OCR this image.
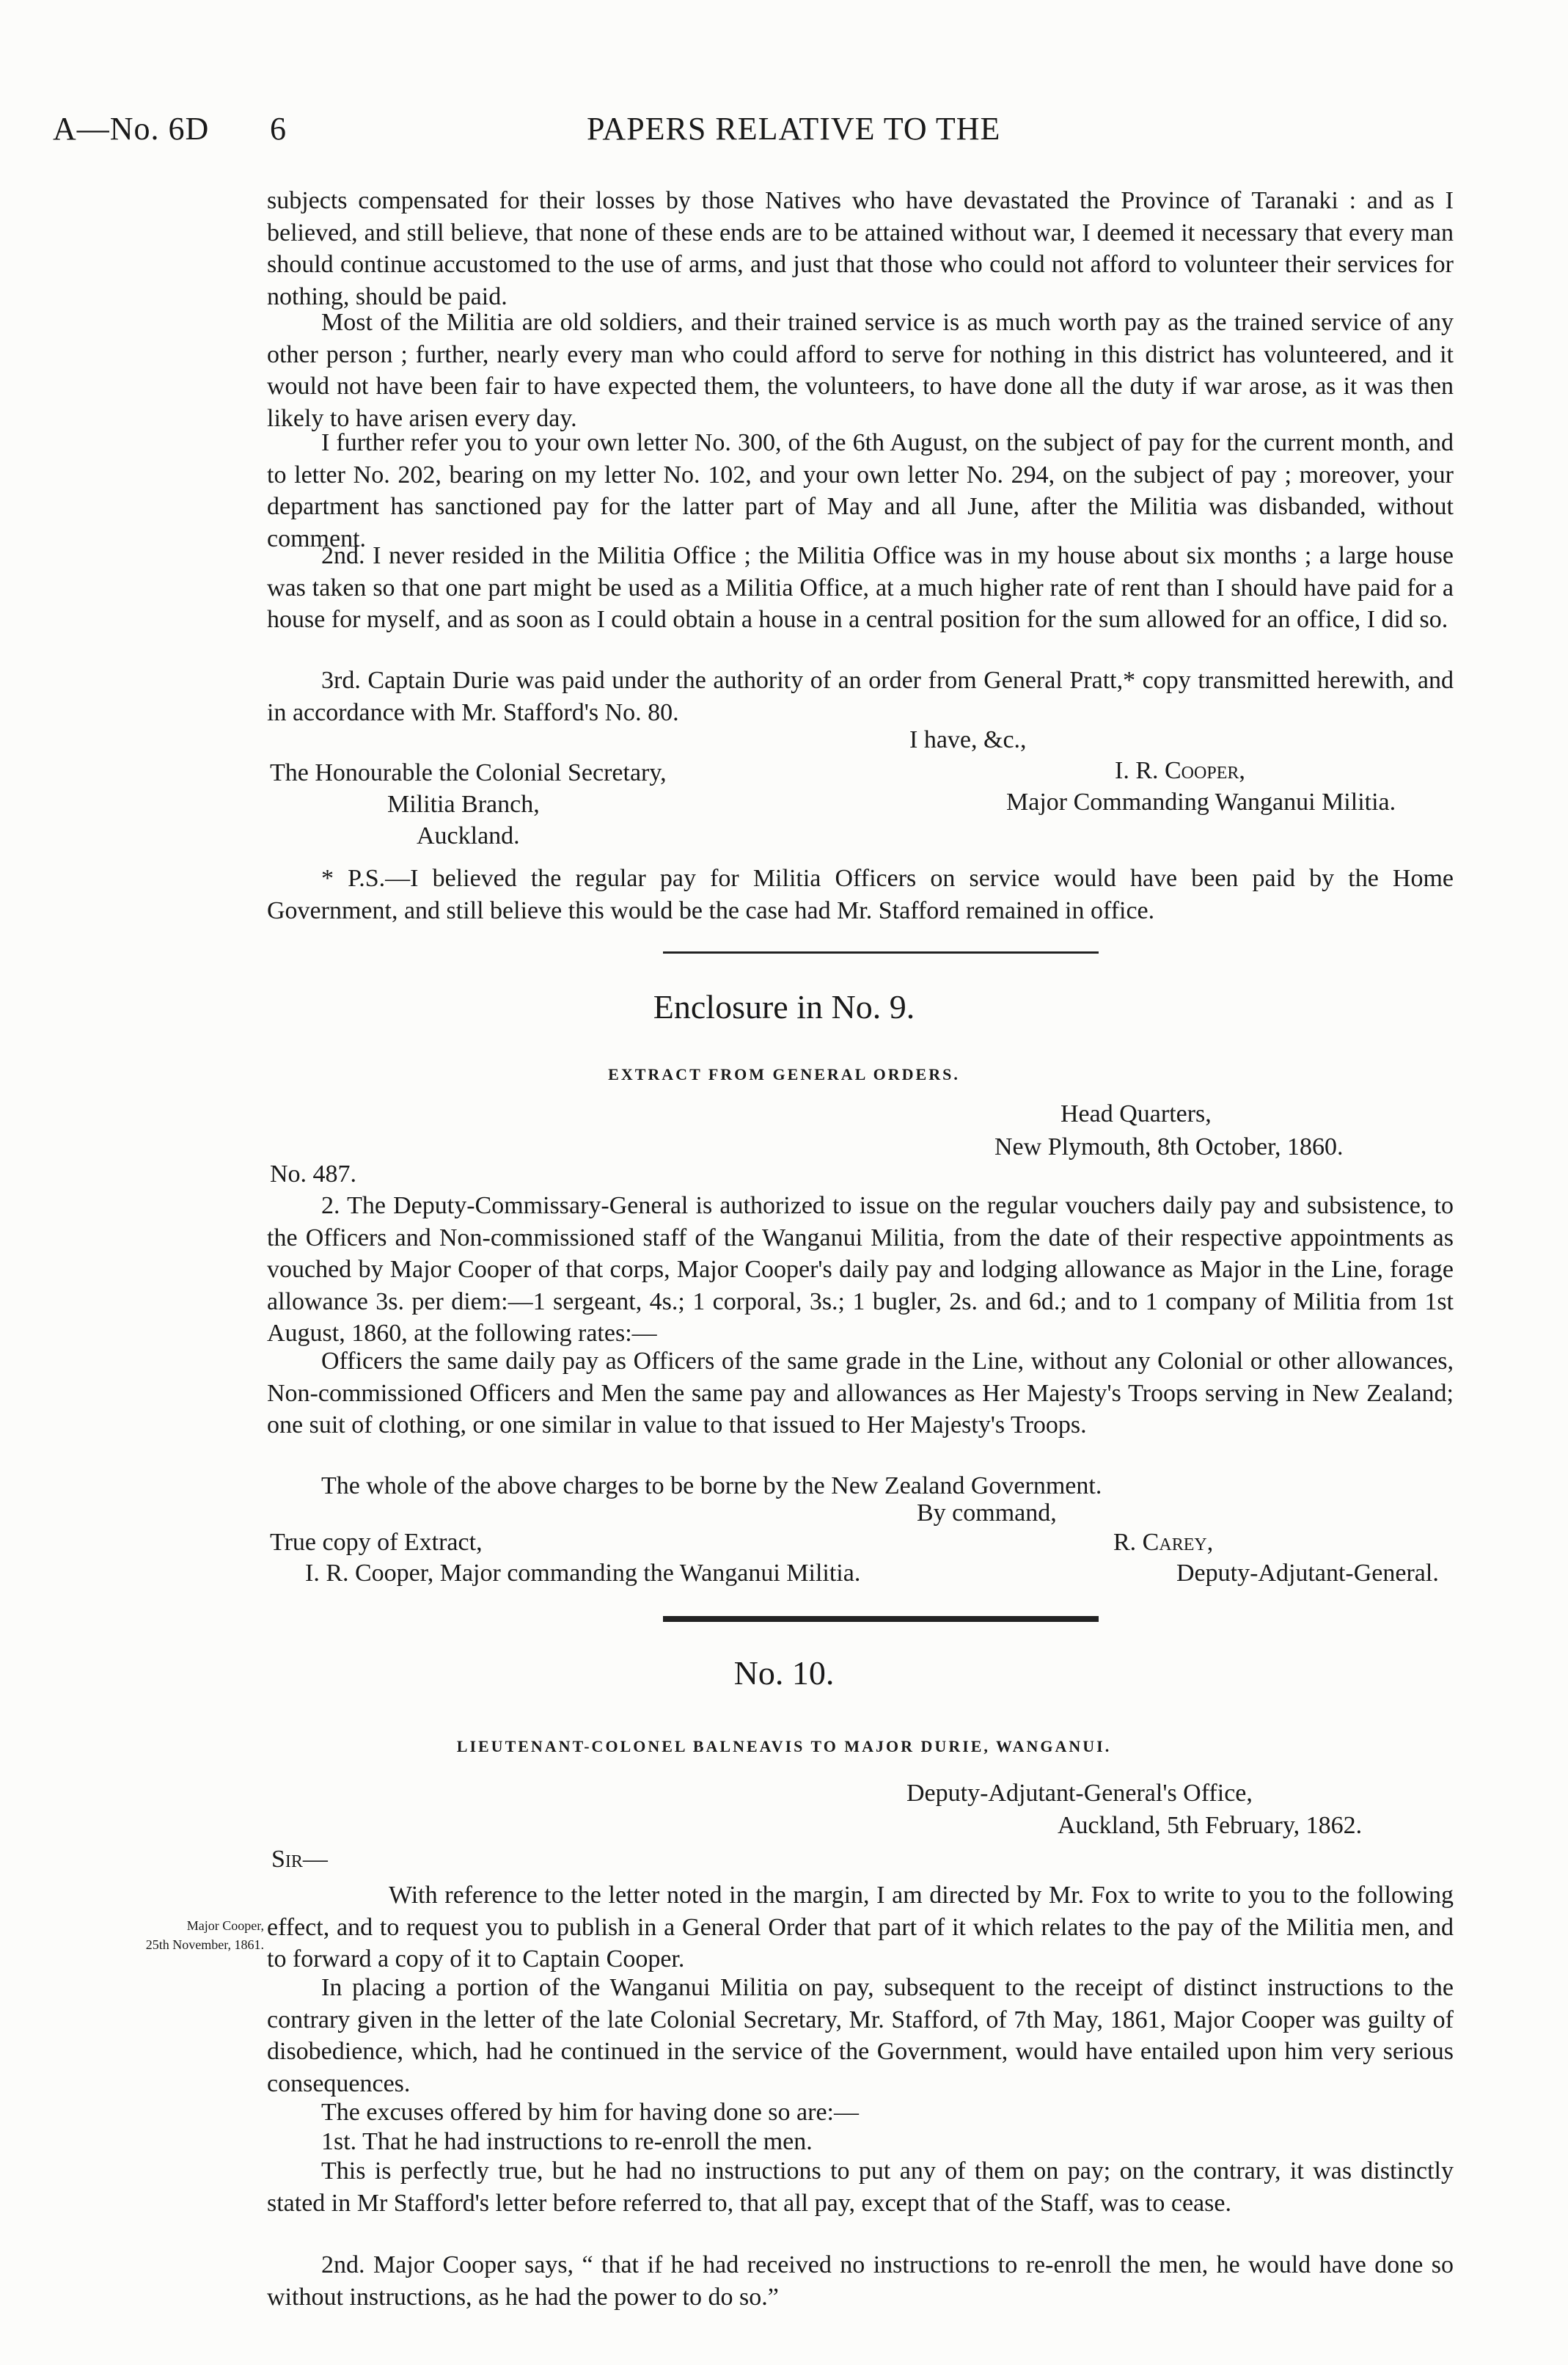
A—No. 6D 6	PAPERS RELATIVE TO THE

subjects compensated for their losses by those Natives who have devastated the Province of Taranaki : and as I believed, and still believe, that none of these ends are to be attained without war, I deemed it necessary that every man should continue accustomed to the use of arms, and just that those who could not afford to volunteer their services for nothing, should be paid.

Most of the Militia are old soldiers, and their trained service is as much worth pay as the trained service of any other person ; further, nearly every man who could afford to serve for nothing in this district has volunteered, and it would not have been fair to have expected them, the volunteers, to have done all the duty if war arose, as it was then likely to have arisen every day.

I further refer you to your own letter No. 300, of the 6th August, on the subject of pay for the current month, and to letter No. 202, bearing on my letter No. 102, and your own letter No. 294, on the subject of pay ; moreover, your department has sanctioned pay for the latter part of May and all June, after the Militia was disbanded, without comment.

2nd. I never resided in the Militia Office ; the Militia Office was in my house about six months ; a large house was taken so that one part might be used as a Militia Office, at a much higher rate of rent than I should have paid for a house for myself, and as soon as I could obtain a house in a central position for the sum allowed for an office, I did so.

3rd. Captain Durie was paid under the authority of an order from General Pratt,* copy transmitted herewith, and in accordance with Mr. Stafford's No. 80.

I have, &c.,
The Honourable the Colonial Secretary,
Militia Branch,
Auckland.
I. R. Cooper,
Major Commanding Wanganui Militia.

* P.S.—I believed the regular pay for Militia Officers on service would have been paid by the Home Government, and still believe this would be the case had Mr. Stafford remained in office.

Enclosure in No. 9.
EXTRACT FROM GENERAL ORDERS.
Head Quarters,
New Plymouth, 8th October, 1860.
No. 487.

2. The Deputy-Commissary-General is authorized to issue on the regular vouchers daily pay and subsistence, to the Officers and Non-commissioned staff of the Wanganui Militia, from the date of their respective appointments as vouched by Major Cooper of that corps, Major Cooper's daily pay and lodging allowance as Major in the Line, forage allowance 3s. per diem:—1 sergeant, 4s.; 1 corporal, 3s.; 1 bugler, 2s. and 6d.; and to 1 company of Militia from 1st August, 1860, at the following rates:—

Officers the same daily pay as Officers of the same grade in the Line, without any Colonial or other allowances, Non-commissioned Officers and Men the same pay and allowances as Her Majesty's Troops serving in New Zealand; one suit of clothing, or one similar in value to that issued to Her Majesty's Troops.

The whole of the above charges to be borne by the New Zealand Government.

By command,
True copy of Extract,
I. R. Cooper, Major commanding the Wanganui Militia.
R. Carey,
Deputy-Adjutant-General.
No. 10.
LIEUTENANT-COLONEL BALNEAVIS TO MAJOR DURIE, WANGANUI.
Deputy-Adjutant-General's Office,
Auckland, 5th February, 1862.
Sir—
Major Cooper,
25th November, 1861.

With reference to the letter noted in the margin, I am directed by Mr. Fox to write to you to the following effect, and to request you to publish in a General Order that part of it which relates to the pay of the Militia men, and to forward a copy of it to Captain Cooper.

In placing a portion of the Wanganui Militia on pay, subsequent to the receipt of distinct instructions to the contrary given in the letter of the late Colonial Secretary, Mr. Stafford, of 7th May, 1861, Major Cooper was guilty of disobedience, which, had he continued in the service of the Government, would have entailed upon him very serious consequences.

The excuses offered by him for having done so are:—

1st. That he had instructions to re-enroll the men.

This is perfectly true, but he had no instructions to put any of them on pay; on the contrary, it was distinctly stated in Mr Stafford's letter before referred to, that all pay, except that of the Staff, was to cease.

2nd. Major Cooper says, “ that if he had received no instructions to re-enroll the men, he would have done so without instructions, as he had the power to do so.”
